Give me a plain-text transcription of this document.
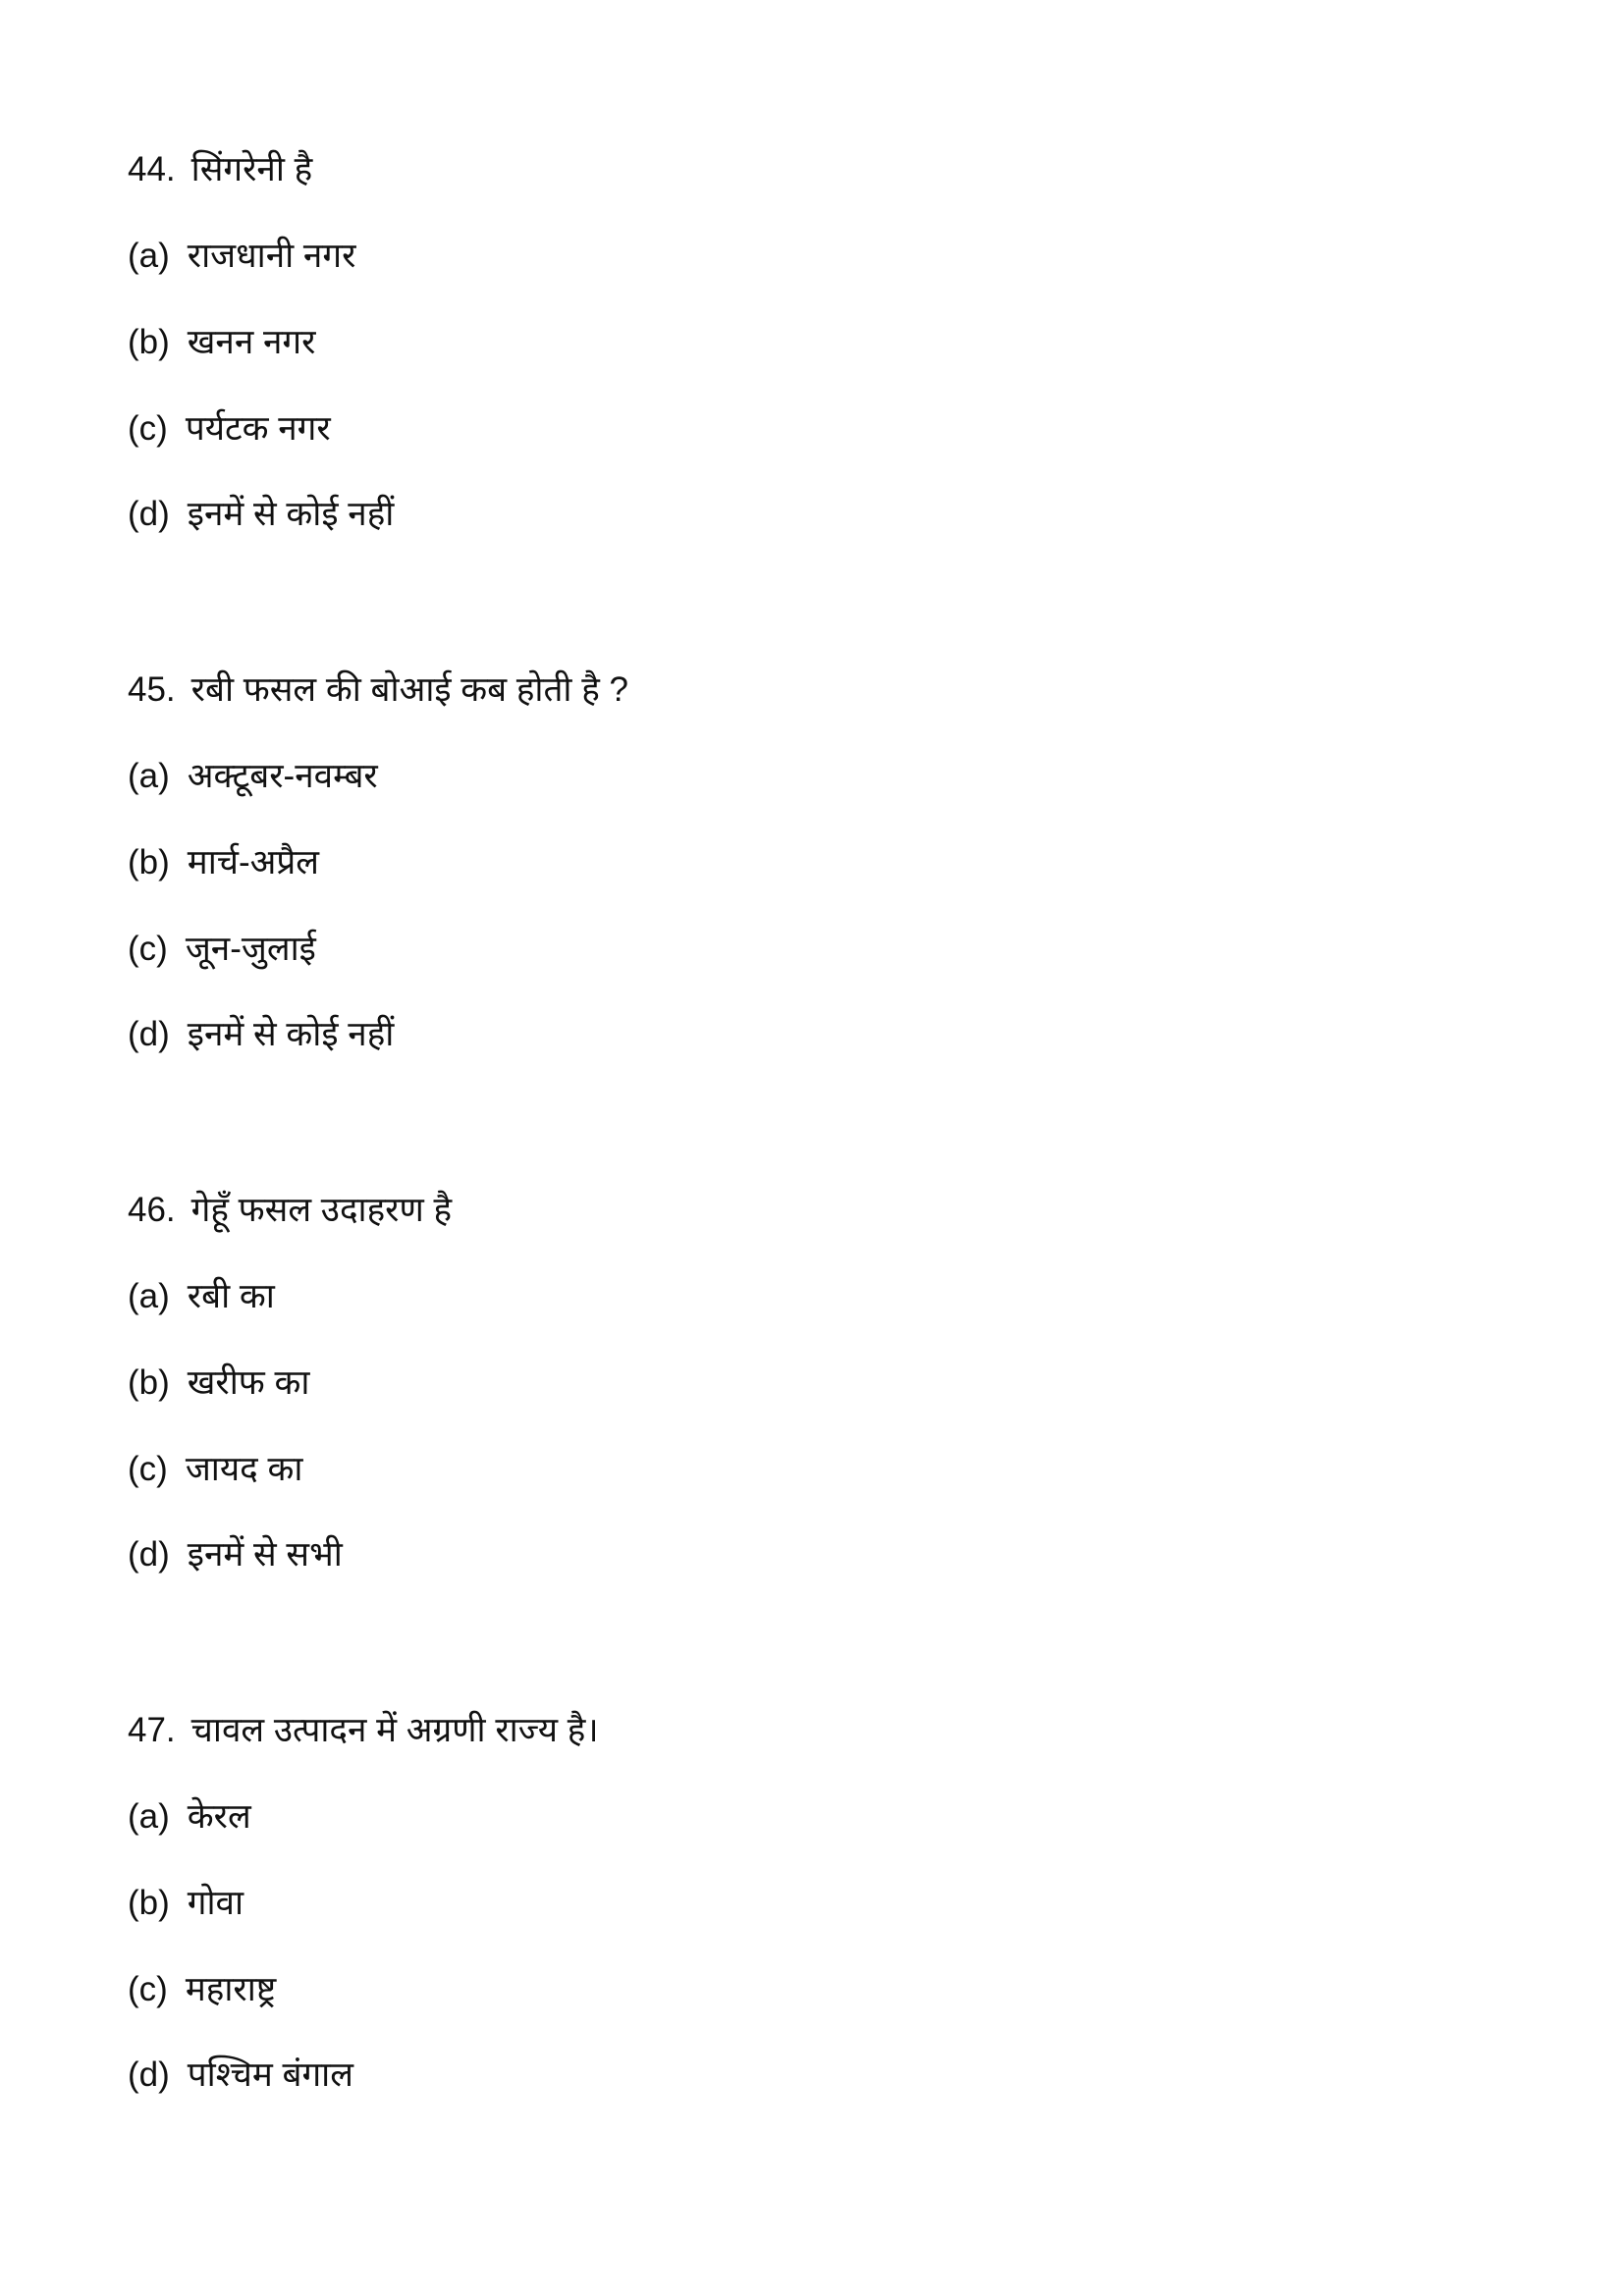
44. सिंगरेनी है
(a) राजधानी नगर
(b) खनन नगर
(c) पर्यटक नगर
(d) इनमें से कोई नहीं
45. रबी फसल की बोआई कब होती है ?
(a) अक्टूबर-नवम्बर
(b) मार्च-अप्रैल
(c) जून-जुलाई
(d) इनमें से कोई नहीं
46. गेहूँ फसल उदाहरण है
(a) रबी का
(b) खरीफ का
(c) जायद का
(d) इनमें से सभी
47. चावल उत्पादन में अग्रणी राज्य है।
(a) केरल
(b) गोवा
(c) महाराष्ट्र
(d) पश्चिम बंगाल
